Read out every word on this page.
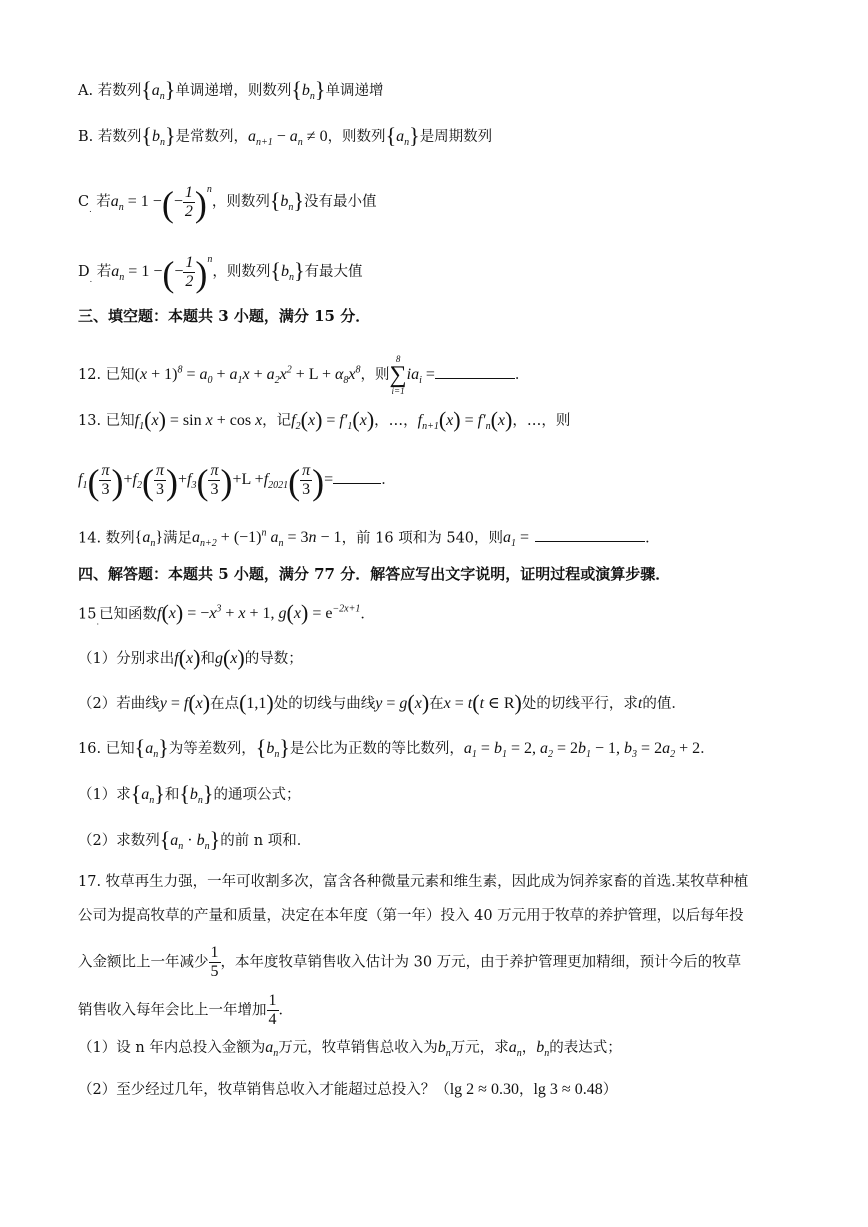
A. 若数列$\{a_n\}$单调递增，则数列$\{b_n\}$单调递增
B. 若数列$\{b_n\}$是常数列，$a_{n+1} - a_n \ne 0$，则数列$\{a_n\}$是周期数列
$C_.$ 若$a_n = 1$ −(− $\frac{1}{2} )^n$，则数列$\{b_n\}$没有最小值
$D_.$ 若$a_n = 1$ −(− $\frac{1}{2} )^n$，则数列$\{b_n\}$有最大值
三、填空题：本题共 3 小题，满分 15 分．
12. 已知$(x + 1)^8 = a_0 + a_1x + a_2x^2 + L + \alpha_8x^8$，则
8
∑
i=1
$ia_i$ =	．
13. 已知$f_1(x) = \sin x + \cos x$，记$f_2(x) = f'_1(x)$，…，$f_{n+1}(x) = f'_n(x)$，…，则
$f_1( \frac{\pi}{3} )+f_2( \frac{\pi}{3} )+f_3( \frac{\pi}{3} )+L +f_{2021}( \frac{\pi}{3}$ )=	．
14. 数列$\{a_n\}$满足$a_{n+2} + (-1)^n$ $a_n = 3n - 1$，前 16 项和为 540，则$a_1$ =	．
四、解答题：本题共 5 小题，满分 77 分．解答应写出文字说明，证明过程或演算步骤．
$15_.$已知函数$f(x) = -x^3 + x + 1$, $g(x) = e^{-2x+1}$．
（1）分别求出f(x)和g(x)的导数；
（2）若曲线y = f(x)在点(1,1)处的切线与曲线y = g(x)在x = t(t ∈ R)处的切线平行，求t的值．
16. 已知$\{a_n\}$为等差数列，$\{b_n\}$是公比为正数的等比数列，$a_1 = b_1 = 2$, $a_2 = 2b_1 - 1$, $b_3 = 2a_2 + 2$．
（1）求$\{a_n\}$和$\{b_n\}$的通项公式；
（2）求数列$\{a_n \cdot b_n\}$的前 n 项和．
17. 牧草再生力强，一年可收割多次，富含各种微量元素和维生素，因此成为饲养家畜的首选.某牧草种植
公司为提高牧草的产量和质量，决定在本年度（第一年）投入 40 万元用于牧草的养护管理，以后每年投
入金额比上一年减少 $\frac{1}{5}$ ，本年度牧草销售收入估计为 30 万元，由于养护管理更加精细，预计今后的牧草
销售收入每年会比上一年增加 $\frac{1}{4}$ ．
（1）设 n 年内总投入金额为$a_n$万元，牧草销售总收入为$b_n$万元，求$a_n$，$b_n$的表达式；
（2）至少经过几年，牧草销售总收入才能超过总投入？（lg 2 ≈ 0.30，lg 3 ≈ 0.48）
